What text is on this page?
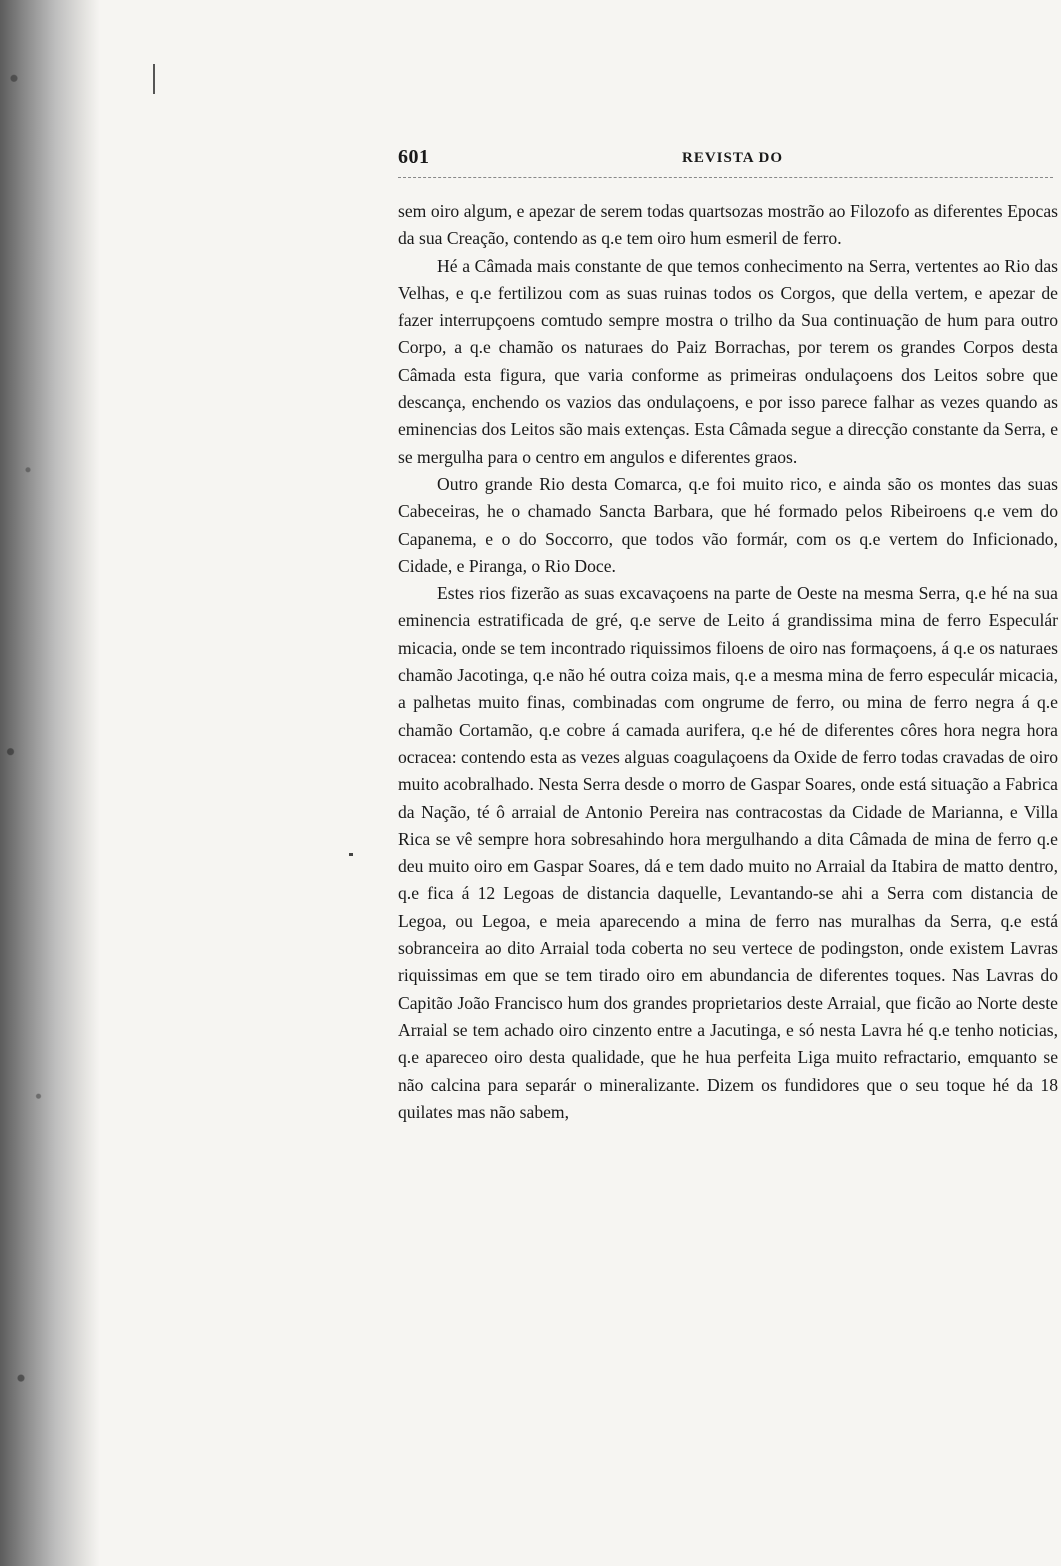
601	REVISTA DO

sem oiro algum, e apezar de serem todas quartsozas mostrão ao Filozofo as diferentes Epocas da sua Creação, contendo as q.e tem oiro hum esmeril de ferro.

Hé a Câmada mais constante de que temos conhecimento na Serra, vertentes ao Rio das Velhas, e q.e fertilizou com as suas ruinas todos os Corgos, que della vertem, e apezar de fazer interrupçoens comtudo sempre mostra o trilho da Sua continuação de hum para outro Corpo, a q.e chamão os naturaes do Paiz Borrachas, por terem os grandes Corpos desta Câmada esta figura, que varia conforme as primeiras ondulaçoens dos Leitos sobre que descança, enchendo os vazios das ondulaçoens, e por isso parece falhar as vezes quando as eminencias dos Leitos são mais extenças. Esta Câmada segue a direcção constante da Serra, e se mergulha para o centro em angulos e diferentes graos.

Outro grande Rio desta Comarca, q.e foi muito rico, e ainda são os montes das suas Cabeceiras, he o chamado Sancta Barbara, que hé formado pelos Ribeiroens q.e vem do Capanema, e o do Soccorro, que todos vão formár, com os q.e vertem do Inficionado, Cidade, e Piranga, o Rio Doce.

Estes rios fizerão as suas excavaçoens na parte de Oeste na mesma Serra, q.e hé na sua eminencia estratificada de gré, q.e serve de Leito á grandissima mina de ferro Especulár micacia, onde se tem incontrado riquissimos filoens de oiro nas formaçoens, á q.e os naturaes chamão Jacotinga, q.e não hé outra coiza mais, q.e a mesma mina de ferro especulár micacia, a palhetas muito finas, combinadas com ongrume de ferro, ou mina de ferro negra á q.e chamão Cortamão, q.e cobre á camada aurifera, q.e hé de diferentes côres hora negra hora ocracea: contendo esta as vezes alguas coagulaçoens da Oxide de ferro todas cravadas de oiro muito acobralhado. Nesta Serra desde o morro de Gaspar Soares, onde está situação a Fabrica da Nação, té ô arraial de Antonio Pereira nas contracostas da Cidade de Marianna, e Villa Rica se vê sempre hora sobresahindo hora mergulhando a dita Câmada de mina de ferro q.e deu muito oiro em Gaspar Soares, dá e tem dado muito no Arraial da Itabira de matto dentro, q.e fica á 12 Legoas de distancia daquelle, Levantando-se ahi a Serra com distancia de Legoa, ou Legoa, e meia aparecendo a mina de ferro nas muralhas da Serra, q.e está sobranceira ao dito Arraial toda coberta no seu vertece de podingston, onde existem Lavras riquissimas em que se tem tirado oiro em abundancia de diferentes toques. Nas Lavras do Capitão João Francisco hum dos grandes proprietarios deste Arraial, que ficão ao Norte deste Arraial se tem achado oiro cinzento entre a Jacutinga, e só nesta Lavra hé q.e tenho noticias, q.e apareceo oiro desta qualidade, que he hua perfeita Liga muito refractario, emquanto se não calcina para separár o mineralizante. Dizem os fundidores que o seu toque hé da 18 quilates mas não sabem,
